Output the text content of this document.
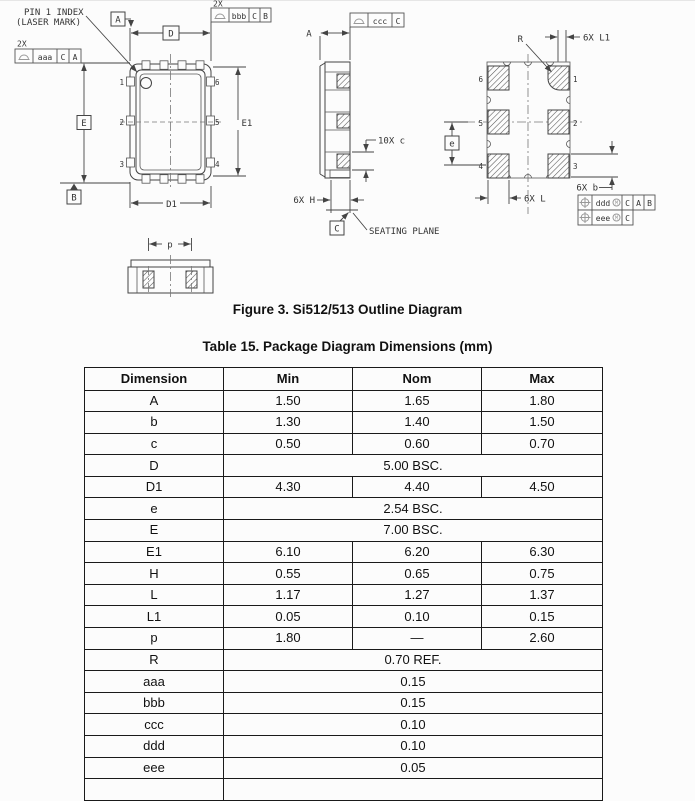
1
2
3
6
5
4
D
A
E
B
E1
D1
2X
aaa C A
2X
bbb C B
PIN 1 INDEX
(LASER MARK)	ccc C
A
10X c
6X H
C	SEATING PLANE
6
5
4
1
2
3
R	6X L1
e
6X L
6X b
ddd M C A B
eee M C
p
Figure 3. Si512/513 Outline Diagram
Table 15. Package Diagram Dimensions (mm)
Dimension	Min	Nom	Max
A	1.50	1.65	1.80
b	1.30	1.40	1.50
c	0.50	0.60	0.70
D	5.00 BSC.		
D1	4.30	4.40	4.50
e	2.54 BSC.		
E	7.00 BSC.		
E1	6.10	6.20	6.30
H	0.55	0.65	0.75
L	1.17	1.27	1.37
L1	0.05	0.10	0.15
p	1.80	—	2.60
R	0.70 REF.		
aaa	0.15		
bbb	0.15		
ccc	0.10		
ddd	0.10		
eee	0.05		
